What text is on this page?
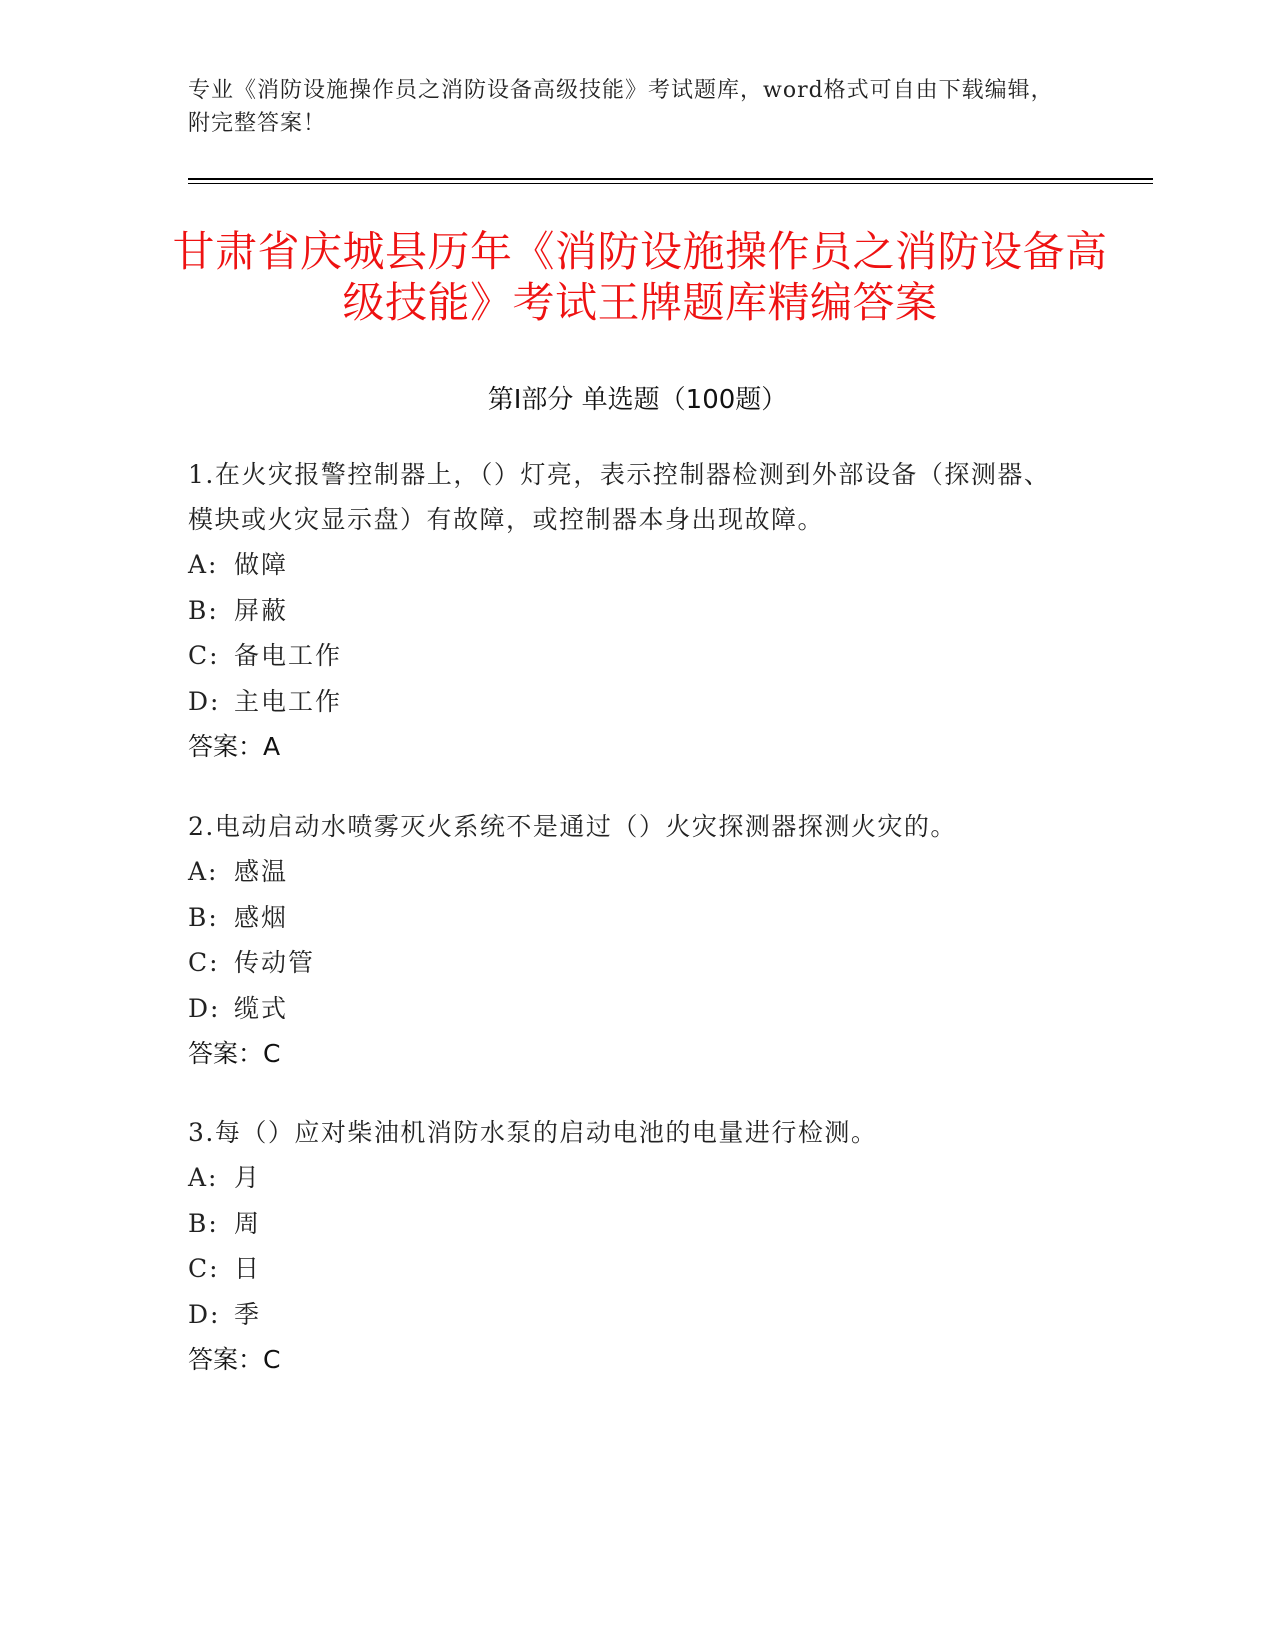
专业《消防设施操作员之消防设备高级技能》考试题库，word格式可自由下载编辑，附完整答案！
甘肃省庆城县历年《消防设施操作员之消防设备高级技能》考试王牌题库精编答案
第Ⅰ部分 单选题（100题）
1.在火灾报警控制器上，（）灯亮，表示控制器检测到外部设备（探测器、模块或火灾显示盘）有故障，或控制器本身出现故障。
A: 做障
B: 屏蔽
C: 备电工作
D: 主电工作
答案：A
2.电动启动水喷雾灭火系统不是通过（）火灾探测器探测火灾的。
A: 感温
B: 感烟
C: 传动管
D: 缆式
答案：C
3.每（）应对柴油机消防水泵的启动电池的电量进行检测。
A: 月
B: 周
C: 日
D: 季
答案：C
